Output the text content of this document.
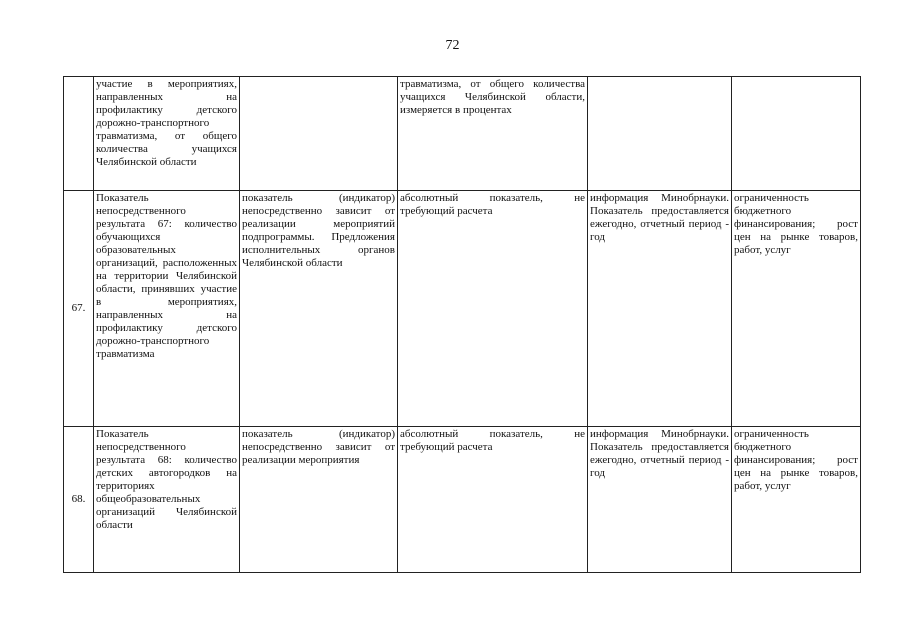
72
	участие в мероприятиях, направленных на профилактику детского дорожно-транспортного травматизма, от общего количества учащихся Челябинской области		травматизма, от общего количества учащихся Челябинской области, измеряется в процентах		
67.	Показатель непосредственного результата 67: количество обучающихся образовательных организаций, расположенных на территории Челябинской области, принявших участие в мероприятиях, направленных на профилактику детского дорожно-транспортного травматизма	показатель (индикатор) непосредственно зависит от реализации мероприятий подпрограммы. Предложения исполнительных органов Челябинской области	абсолютный показатель, не требующий расчета	информация Минобрнауки. Показатель предоставляется ежегодно, отчетный период - год	ограниченность бюджетного финансирования; рост цен на рынке товаров, работ, услуг
68.	Показатель непосредственного результата 68: количество детских автогородков на территориях общеобразовательных организаций Челябинской области	показатель (индикатор) непосредственно зависит от реализации мероприятия	абсолютный показатель, не требующий расчета	информация Минобрнауки. Показатель предоставляется ежегодно, отчетный период - год	ограниченность бюджетного финансирования; рост цен на рынке товаров, работ, услуг
